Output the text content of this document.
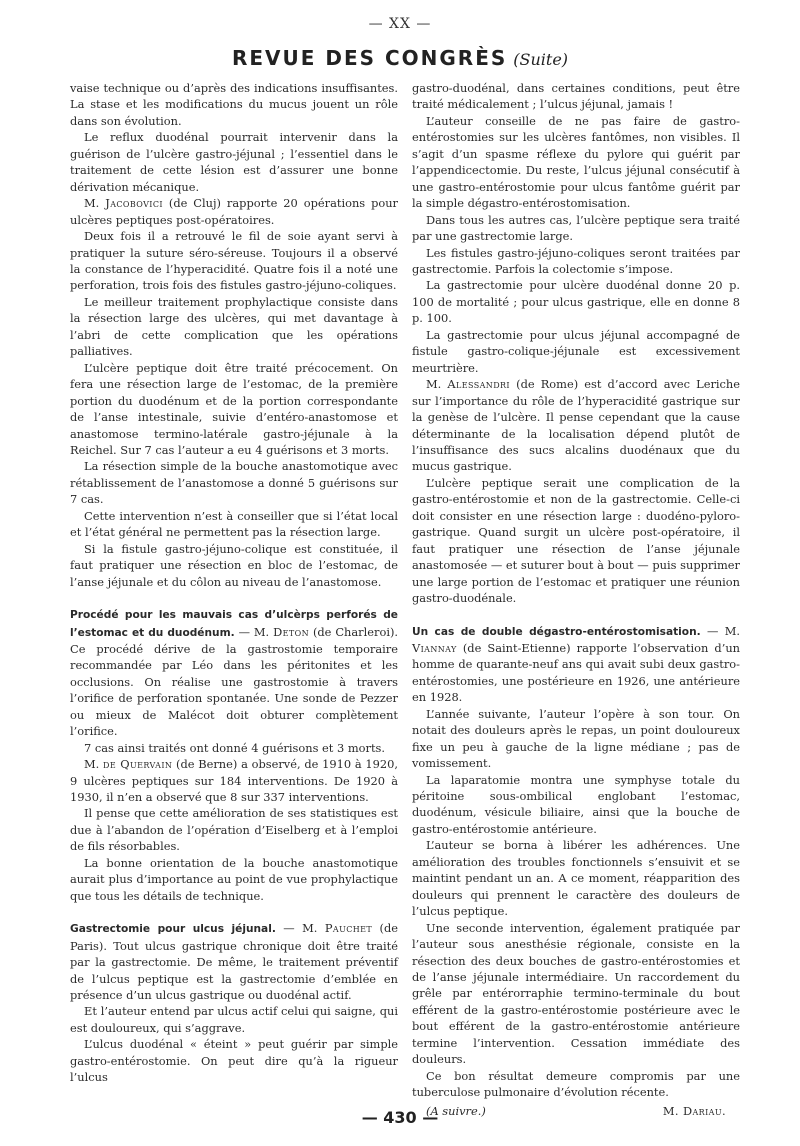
— XX —
REVUE DES CONGRÈS (Suite)

vaise technique ou d’après des indications insuffisantes. La stase et les modifications du mucus jouent un rôle dans son évolution.

Le reflux duodénal pourrait intervenir dans la guérison de l’ulcère gastro-jéjunal ; l’essentiel dans le traitement de cette lésion est d’assurer une bonne dérivation mécanique.

M. Jacobovici (de Cluj) rapporte 20 opérations pour ulcères peptiques post-opératoires.

Deux fois il a retrouvé le fil de soie ayant servi à pratiquer la suture séro-séreuse. Toujours il a observé la constance de l’hyperacidité. Quatre fois il a noté une perforation, trois fois des fistules gastro-jéjuno-coliques.

Le meilleur traitement prophylactique consiste dans la résection large des ulcères, qui met davantage à l’abri de cette complication que les opérations palliatives.

L’ulcère peptique doit être traité précocement. On fera une résection large de l’estomac, de la première portion du duodénum et de la portion correspondante de l’anse intestinale, suivie d’entéro-anastomose et anastomose termino-latérale gastro-jéjunale à la Reichel. Sur 7 cas l’auteur a eu 4 guérisons et 3 morts.

La résection simple de la bouche anastomotique avec rétablissement de l’anastomose a donné 5 guérisons sur 7 cas.

Cette intervention n’est à conseiller que si l’état local et l’état général ne permettent pas la résection large.

Si la fistule gastro-jéjuno-colique est constituée, il faut pratiquer une résection en bloc de l’estomac, de l’anse jéjunale et du côlon au niveau de l’anastomose.

Procédé pour les mauvais cas d’ulcèrps perforés de l’estomac et du duodénum. — M. Deton (de Charleroi). Ce procédé dérive de la gastrostomie temporaire recommandée par Léo dans les péritonites et les occlusions. On réalise une gastrostomie à travers l’orifice de perforation spontanée. Une sonde de Pezzer ou mieux de Malécot doit obturer complètement l’orifice.

7 cas ainsi traités ont donné 4 guérisons et 3 morts.

M. de Quervain (de Berne) a observé, de 1910 à 1920, 9 ulcères peptiques sur 184 interventions. De 1920 à 1930, il n’en a observé que 8 sur 337 interventions.

Il pense que cette amélioration de ses statistiques est due à l’abandon de l’opération d’Eiselberg et à l’emploi de fils résorbables.

La bonne orientation de la bouche anastomotique aurait plus d’importance au point de vue prophylactique que tous les détails de technique.

Gastrectomie pour ulcus jéjunal. — M. Pauchet (de Paris). Tout ulcus gastrique chronique doit être traité par la gastrectomie. De même, le traitement préventif de l’ulcus peptique est la gastrectomie d’emblée en présence d’un ulcus gastrique ou duodénal actif.

Et l’auteur entend par ulcus actif celui qui saigne, qui est douloureux, qui s’aggrave.

L’ulcus duodénal « éteint » peut guérir par simple gastro-entérostomie. On peut dire qu’à la rigueur l’ulcus

gastro-duodénal, dans certaines conditions, peut être traité médicalement ; l’ulcus jéjunal, jamais !

L’auteur conseille de ne pas faire de gastro-entérostomies sur les ulcères fantômes, non visibles. Il s’agit d’un spasme réflexe du pylore qui guérit par l’appendicectomie. Du reste, l’ulcus jéjunal consécutif à une gastro-entérostomie pour ulcus fantôme guérit par la simple dégastro-entérostomisation.

Dans tous les autres cas, l’ulcère peptique sera traité par une gastrectomie large.

Les fistules gastro-jéjuno-coliques seront traitées par gastrectomie. Parfois la colectomie s’impose.

La gastrectomie pour ulcère duodénal donne 20 p. 100 de mortalité ; pour ulcus gastrique, elle en donne 8 p. 100.

La gastrectomie pour ulcus jéjunal accompagné de fistule gastro-colique-jéjunale est excessivement meurtrière.

M. Alessandri (de Rome) est d’accord avec Leriche sur l’importance du rôle de l’hyperacidité gastrique sur la genèse de l’ulcère. Il pense cependant que la cause déterminante de la localisation dépend plutôt de l’insuffisance des sucs alcalins duodénaux que du mucus gastrique.

L’ulcère peptique serait une complication de la gastro-entérostomie et non de la gastrectomie. Celle-ci doit consister en une résection large : duodéno-pyloro-gastrique. Quand surgit un ulcère post-opératoire, il faut pratiquer une résection de l’anse jéjunale anastomosée — et suturer bout à bout — puis supprimer une large portion de l’estomac et pratiquer une réunion gastro-duodénale.

Un cas de double dégastro-entérostomisation. — M. Viannay (de Saint-Etienne) rapporte l’observation d’un homme de quarante-neuf ans qui avait subi deux gastro-entérostomies, une postérieure en 1926, une antérieure en 1928.

L’année suivante, l’auteur l’opère à son tour. On notait des douleurs après le repas, un point douloureux fixe un peu à gauche de la ligne médiane ; pas de vomissement.

La laparatomie montra une symphyse totale du péritoine sous-ombilical englobant l’estomac, duodénum, vésicule biliaire, ainsi que la bouche de gastro-entérostomie antérieure.

L’auteur se borna à libérer les adhérences. Une amélioration des troubles fonctionnels s’ensuivit et se maintint pendant un an. A ce moment, réapparition des douleurs qui prennent le caractère des douleurs de l’ulcus peptique.

Une seconde intervention, également pratiquée par l’auteur sous anesthésie régionale, consiste en la résection des deux bouches de gastro-entérostomies et de l’anse jéjunale intermédiaire. Un raccordement du grêle par entérorraphie termino-terminale du bout efférent de la gastro-entérostomie postérieure avec le bout efférent de la gastro-entérostomie antérieure termine l’intervention. Cessation immédiate des douleurs.

Ce bon résultat demeure compromis par une tuberculose pulmonaire d’évolution récente.

(A suivre.)	M. Dariau.
— 430 —
